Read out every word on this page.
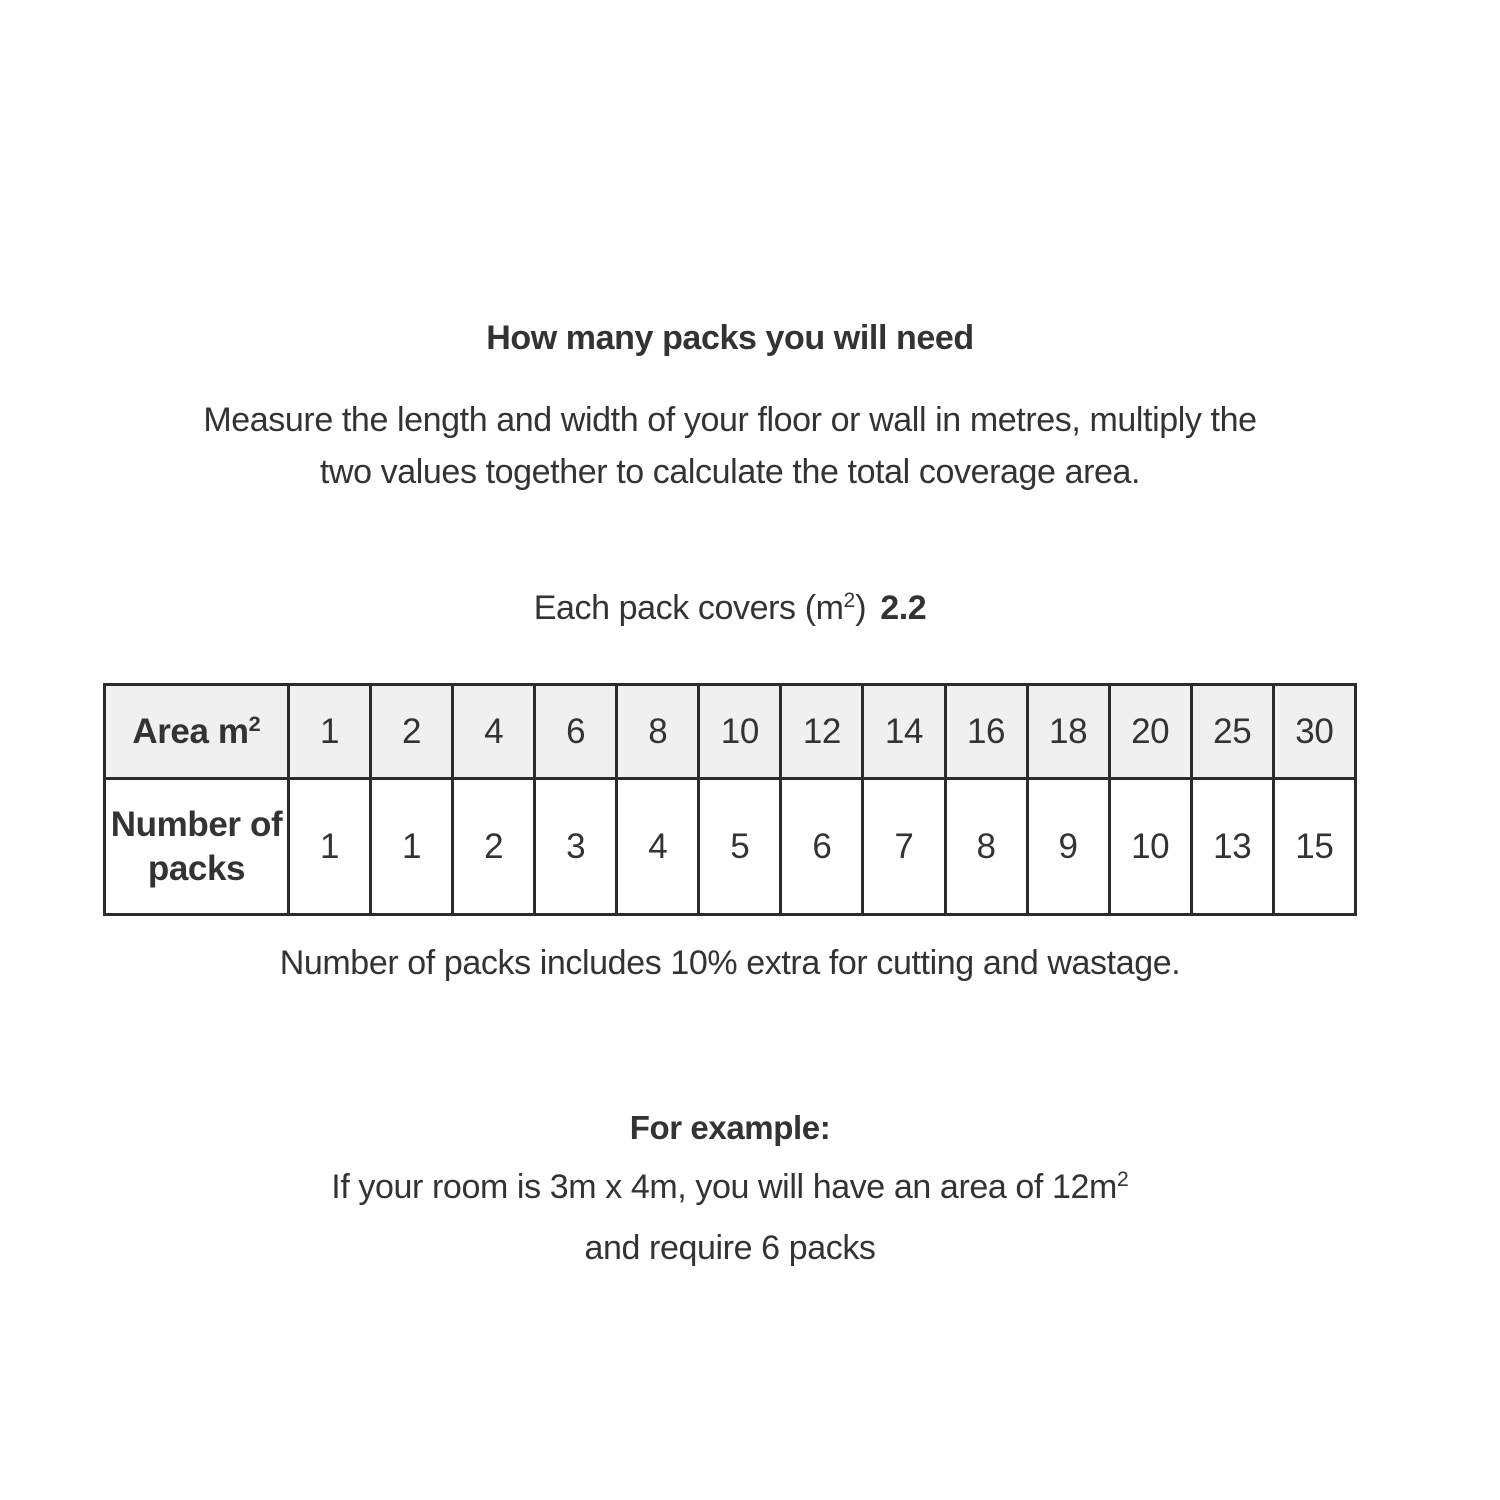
How many packs you will need
Measure the length and width of your floor or wall in metres, multiply the
two values together to calculate the total coverage area.
Each pack covers $(m^2)$ 2.2
Area $m^2$	1	2	4	6	8	10	12	14	16	18	20	25	30
Number of packs	1	1	2	3	4	5	6	7	8	9	10	13	15
Number of packs includes 10% extra for cutting and wastage.
For example:
If your room is 3m x 4m, you will have an area of $12m^2$
and require 6 packs
